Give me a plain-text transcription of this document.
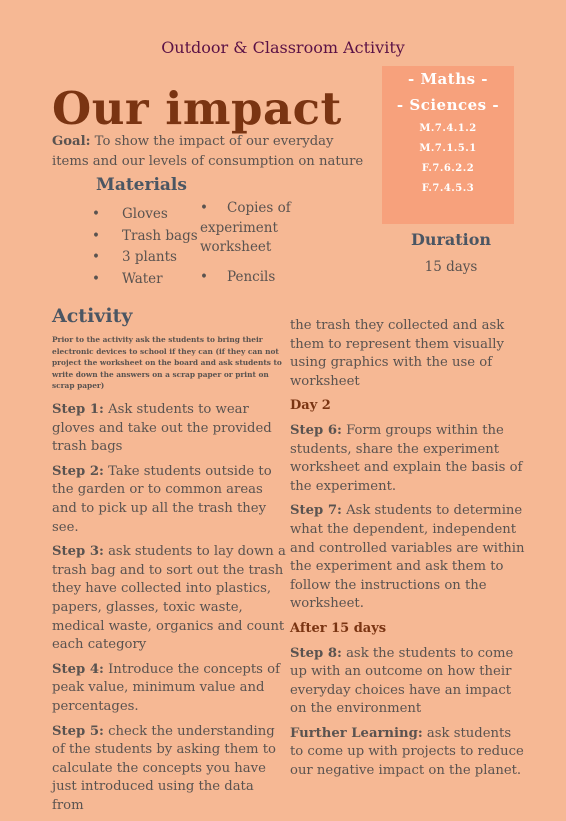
Outdoor & Classroom Activity
Our impact
Goal: To show the impact of our everyday items and our levels of consumption on nature
Materials
•	Gloves
•	Trash bags
•	3 plants
•	Water
• Copies of experiment worksheet
• Pencils
- Maths -
- Sciences -
M.7.4.1.2
M.7.1.5.1
F.7.6.2.2
F.7.4.5.3
Duration
15 days
Activity
Prior to the activity ask the students to bring their electronic devices to school if they can (if they can not project the worksheet on the board and ask students to write down the answers on a scrap paper or print on scrap paper)

Step 1: Ask students to wear gloves and take out the provided trash bags

Step 2: Take students outside to the garden or to common areas and to pick up all the trash they see.

Step 3: ask students to lay down a trash bag and to sort out the trash they have collected into plastics, papers, glasses, toxic waste, medical waste, organics and count each category

Step 4: Introduce the concepts of peak value, minimum value and percentages.

Step 5: check the understanding of the students by asking them to calculate the concepts you have just introduced using the data from

the trash they collected and ask them to represent them visually using graphics with the use of worksheet

Day 2

Step 6: Form groups within the students, share the experiment worksheet and explain the basis of the experiment.

Step 7: Ask students to determine what the dependent, independent and controlled variables are within the experiment and ask them to follow the instructions on the worksheet.

After 15 days

Step 8: ask the students to come up with an outcome on how their everyday choices have an impact on the environment

Further Learning: ask students to come up with projects to reduce our negative impact on the planet.
